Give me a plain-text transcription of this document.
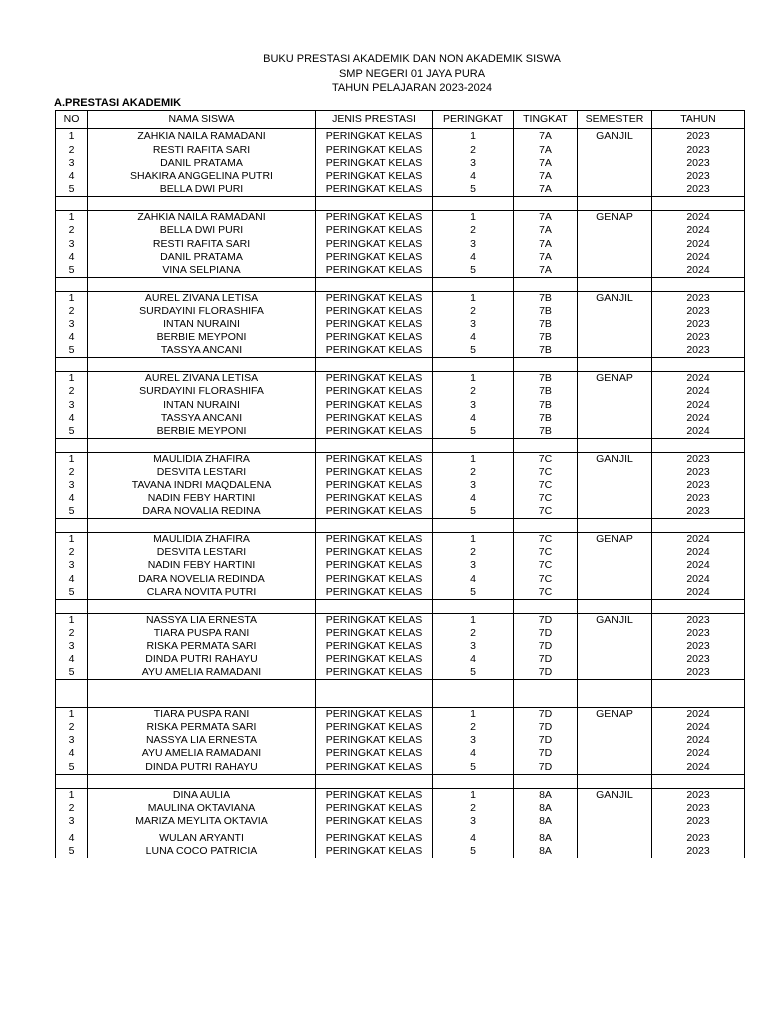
BUKU PRESTASI AKADEMIK DAN NON AKADEMIK SISWA
SMP NEGERI 01 JAYA PURA
TAHUN PELAJARAN 2023-2024
A.PRESTASI AKADEMIK
NO	NAMA SISWA	JENIS PRESTASI	PERINGKAT	TINGKAT	SEMESTER	TAHUN
1	ZAHKIA NAILA RAMADANI	PERINGKAT KELAS	1	7A	GANJIL	2023
2	RESTI RAFITA SARI	PERINGKAT KELAS	2	7A		2023
3	DANIL PRATAMA	PERINGKAT KELAS	3	7A		2023
4	SHAKIRA ANGGELINA PUTRI	PERINGKAT KELAS	4	7A		2023
5	BELLA DWI PURI	PERINGKAT KELAS	5	7A		2023

1	ZAHKIA NAILA RAMADANI	PERINGKAT KELAS	1	7A	GENAP	2024
2	BELLA DWI PURI	PERINGKAT KELAS	2	7A		2024
3	RESTI RAFITA SARI	PERINGKAT KELAS	3	7A		2024
4	DANIL PRATAMA	PERINGKAT KELAS	4	7A		2024
5	VINA SELPIANA	PERINGKAT KELAS	5	7A		2024

1	AUREL ZIVANA LETISA	PERINGKAT KELAS	1	7B	GANJIL	2023
2	SURDAYINI FLORASHIFA	PERINGKAT KELAS	2	7B		2023
3	INTAN NURAINI	PERINGKAT KELAS	3	7B		2023
4	BERBIE MEYPONI	PERINGKAT KELAS	4	7B		2023
5	TASSYA ANCANI	PERINGKAT KELAS	5	7B		2023

1	AUREL ZIVANA LETISA	PERINGKAT KELAS	1	7B	GENAP	2024
2	SURDAYINI FLORASHIFA	PERINGKAT KELAS	2	7B		2024
3	INTAN NURAINI	PERINGKAT KELAS	3	7B		2024
4	TASSYA ANCANI	PERINGKAT KELAS	4	7B		2024
5	BERBIE MEYPONI	PERINGKAT KELAS	5	7B		2024

1	MAULIDIA ZHAFIRA	PERINGKAT KELAS	1	7C	GANJIL	2023
2	DESVITA LESTARI	PERINGKAT KELAS	2	7C		2023
3	TAVANA INDRI MAQDALENA	PERINGKAT KELAS	3	7C		2023
4	NADIN FEBY HARTINI	PERINGKAT KELAS	4	7C		2023
5	DARA NOVALIA REDINA	PERINGKAT KELAS	5	7C		2023

1	MAULIDIA ZHAFIRA	PERINGKAT KELAS	1	7C	GENAP	2024
2	DESVITA LESTARI	PERINGKAT KELAS	2	7C		2024
3	NADIN FEBY HARTINI	PERINGKAT KELAS	3	7C		2024
4	DARA NOVELIA REDINDA	PERINGKAT KELAS	4	7C		2024
5	CLARA NOVITA PUTRI	PERINGKAT KELAS	5	7C		2024

1	NASSYA LIA ERNESTA	PERINGKAT KELAS	1	7D	GANJIL	2023
2	TIARA PUSPA RANI	PERINGKAT KELAS	2	7D		2023
3	RISKA PERMATA SARI	PERINGKAT KELAS	3	7D		2023
4	DINDA PUTRI RAHAYU	PERINGKAT KELAS	4	7D		2023
5	AYU AMELIA RAMADANI	PERINGKAT KELAS	5	7D		2023

1	TIARA PUSPA RANI	PERINGKAT KELAS	1	7D	GENAP	2024
2	RISKA PERMATA SARI	PERINGKAT KELAS	2	7D		2024
3	NASSYA LIA ERNESTA	PERINGKAT KELAS	3	7D		2024
4	AYU AMELIA RAMADANI	PERINGKAT KELAS	4	7D		2024
5	DINDA PUTRI RAHAYU	PERINGKAT KELAS	5	7D		2024

1	DINA AULIA	PERINGKAT KELAS	1	8A	GANJIL	2023
2	MAULINA OKTAVIANA	PERINGKAT KELAS	2	8A		2023
3	MARIZA MEYLITA OKTAVIA	PERINGKAT KELAS	3	8A		2023

4	WULAN ARYANTI	PERINGKAT KELAS	4	8A		2023
5	LUNA COCO PATRICIA	PERINGKAT KELAS	5	8A		2023
